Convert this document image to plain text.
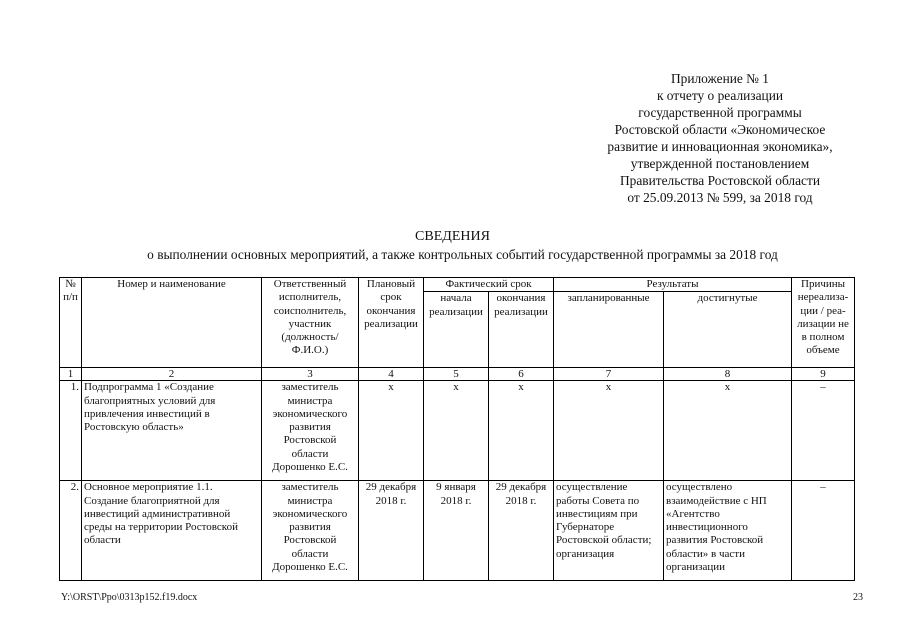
Приложение № 1
к отчету о реализации
государственной программы
Ростовской области «Экономическое
развитие и инновационная экономика»,
утвержденной постановлением
Правительства Ростовской области
от 25.09.2013 № 599, за 2018 год
СВЕДЕНИЯ
о выполнении основных мероприятий, а также контрольных событий государственной программы за 2018 год
№ п/п	Номер и наименование	Ответственный исполнитель, соисполнитель, участник (должность/ Ф.И.О.)	Плановый срок окончания реализации	Фактический срок		Результаты		Причины нереализа-ции / реа-лизации не в полном объеме
				начала реализации	окончания реализации	запланированные	достигнутые	
1	2	3	4	5	6	7	8	9
1.	Подпрограмма 1 «Создание благоприятных условий для привлечения инвестиций в Ростовскую область»	заместитель министра экономического развития Ростовской области Дорошенко Е.С.	x	x	x	x	x	–
2.	Основное мероприятие 1.1. Создание благоприятной для инвестиций административной среды на территории Ростовской области	заместитель министра экономического развития Ростовской области Дорошенко Е.С.	29 декабря 2018 г.	9 января 2018 г.	29 декабря 2018 г.	осуществление работы Совета по инвестициям при Губернаторе Ростовской области; организация	осуществлено взаимодействие с НП «Агентство инвестиционного развития Ростовской области» в части организации	–
Y:\ORST\Ppo\0313p152.f19.docx	23
